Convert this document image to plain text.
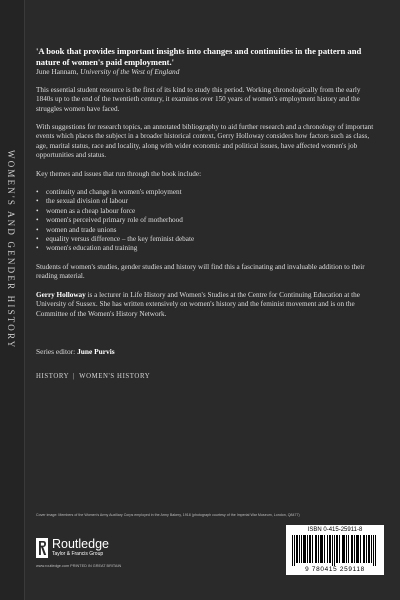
WOMEN'S AND GENDER HISTORY

'A book that provides important insights into changes and continuities in the pattern and nature of women's paid employment.'

June Hannam, University of the West of England

This essential student resource is the first of its kind to study this period. Working chronologically from the early 1840s up to the end of the twentieth century, it examines over 150 years of women's employment history and the struggles women have faced.

With suggestions for research topics, an annotated bibliography to aid further research and a chronology of important events which places the subject in a broader historical context, Gerry Holloway considers how factors such as class, age, marital status, race and locality, along with wider economic and political issues, have affected women's job opportunities and status.

Key themes and issues that run through the book include:

• continuity and change in women's employment
• the sexual division of labour
• women as a cheap labour force
• women's perceived primary role of motherhood
• women and trade unions
• equality versus difference – the key feminist debate
• women's education and training

Students of women's studies, gender studies and history will find this a fascinating and invaluable addition to their reading material.

Gerry Holloway is a lecturer in Life History and Women's Studies at the Centre for Continuing Education at the University of Sussex. She has written extensively on women's history and the feminist movement and is on the Committee of the Women's History Network.

Series editor: June Purvis
HISTORY | WOMEN'S HISTORY
Cover image: Members of the Women's Army Auxiliary Corps employed in the Army Bakery, 1918 (photograph courtesy of the Imperial War Museum, London, Q8477)
Routledge
Taylor & Francis Group
www.routledge.com PRINTED IN GREAT BRITAIN
ISBN 0-415-25911-8
9 780415 259118
